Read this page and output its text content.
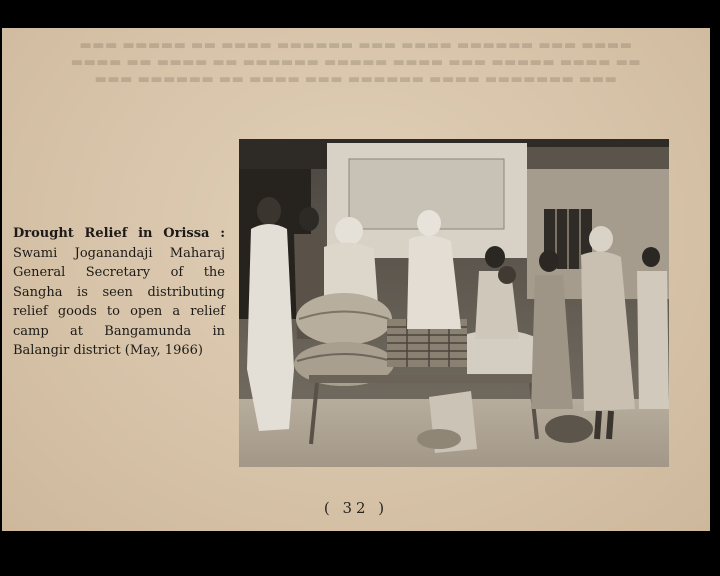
▬▬▬ ▬▬▬▬▬ ▬▬ ▬▬▬▬ ▬▬▬▬▬▬ ▬▬▬ ▬▬▬▬ ▬▬▬▬▬▬ ▬▬▬ ▬▬▬▬
▬▬▬▬ ▬▬ ▬▬▬▬ ▬▬ ▬▬▬▬▬▬ ▬▬▬▬▬ ▬▬▬▬ ▬▬▬ ▬▬▬▬▬ ▬▬▬▬ ▬▬
▬▬▬ ▬▬▬▬▬▬ ▬▬ ▬▬▬▬ ▬▬▬ ▬▬▬▬▬▬ ▬▬▬▬ ▬▬▬▬▬▬▬ ▬▬▬
Drought Relief in Orissa : Swami Joganandaji Maharaj General Secretary of the Sangha is seen distributing relief goods to open a relief camp at Bangamunda in Balangir district (May, 1966)
( 32 )
